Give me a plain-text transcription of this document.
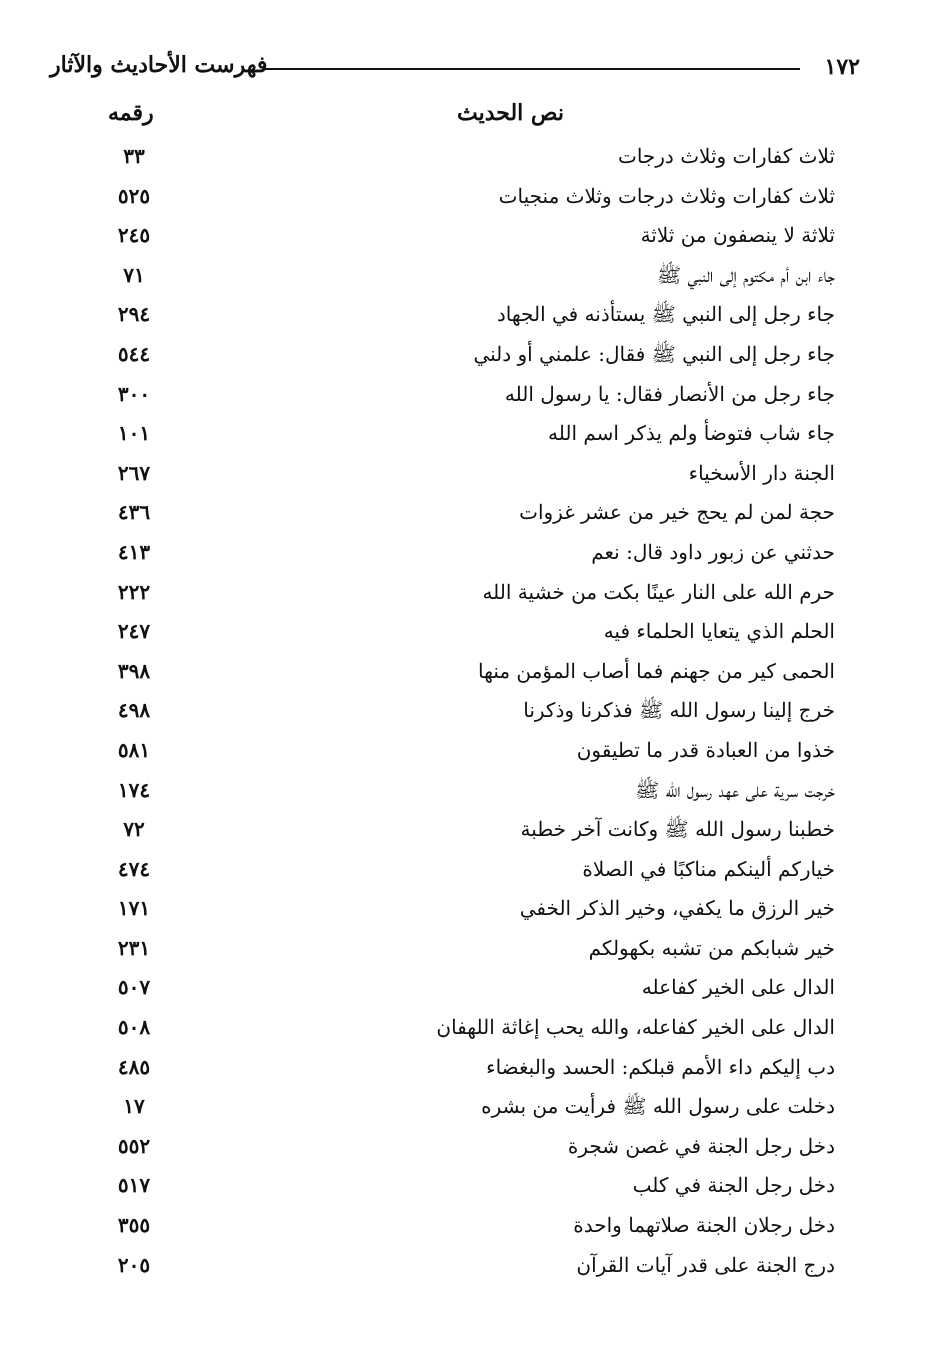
١٧٢
فهرست الأحاديث والآثار
نص الحديث
رقمه
ثلاث كفارات وثلاث درجات
٣٣
ثلاث كفارات وثلاث درجات وثلاث منجيات
٥٢٥
ثلاثة لا ينصفون من ثلاثة
٢٤٥
جاء ابن أم مكتوم إلى النبي ﷺ
٧١
جاء رجل إلى النبي ﷺ يستأذنه في الجهاد
٢٩٤
جاء رجل إلى النبي ﷺ فقال: علمني أو دلني
٥٤٤
جاء رجل من الأنصار فقال: يا رسول الله
٣٠٠
جاء شاب فتوضأ ولم يذكر اسم الله
١٠١
الجنة دار الأسخياء
٢٦٧
حجة لمن لم يحج خير من عشر غزوات
٤٣٦
حدثني عن زبور داود قال: نعم
٤١٣
حرم الله على النار عينًا بكت من خشية الله
٢٢٢
الحلم الذي يتعايا الحلماء فيه
٢٤٧
الحمى كير من جهنم فما أصاب المؤمن منها
٣٩٨
خرج إلينا رسول الله ﷺ فذكرنا وذكرنا
٤٩٨
خذوا من العبادة قدر ما تطيقون
٥٨١
خرجت سرية على عهد رسول الله ﷺ
١٧٤
خطبنا رسول الله ﷺ وكانت آخر خطبة
٧٢
خياركم ألينكم مناكبًا في الصلاة
٤٧٤
خير الرزق ما يكفي، وخير الذكر الخفي
١٧١
خير شبابكم من تشبه بكهولكم
٢٣١
الدال على الخير كفاعله
٥٠٧
الدال على الخير كفاعله، والله يحب إغاثة اللهفان
٥٠٨
دب إليكم داء الأمم قبلكم: الحسد والبغضاء
٤٨٥
دخلت على رسول الله ﷺ فرأيت من بشره
١٧
دخل رجل الجنة في غصن شجرة
٥٥٢
دخل رجل الجنة في كلب
٥١٧
دخل رجلان الجنة صلاتهما واحدة
٣٥٥
درج الجنة على قدر آيات القرآن
٢٠٥
